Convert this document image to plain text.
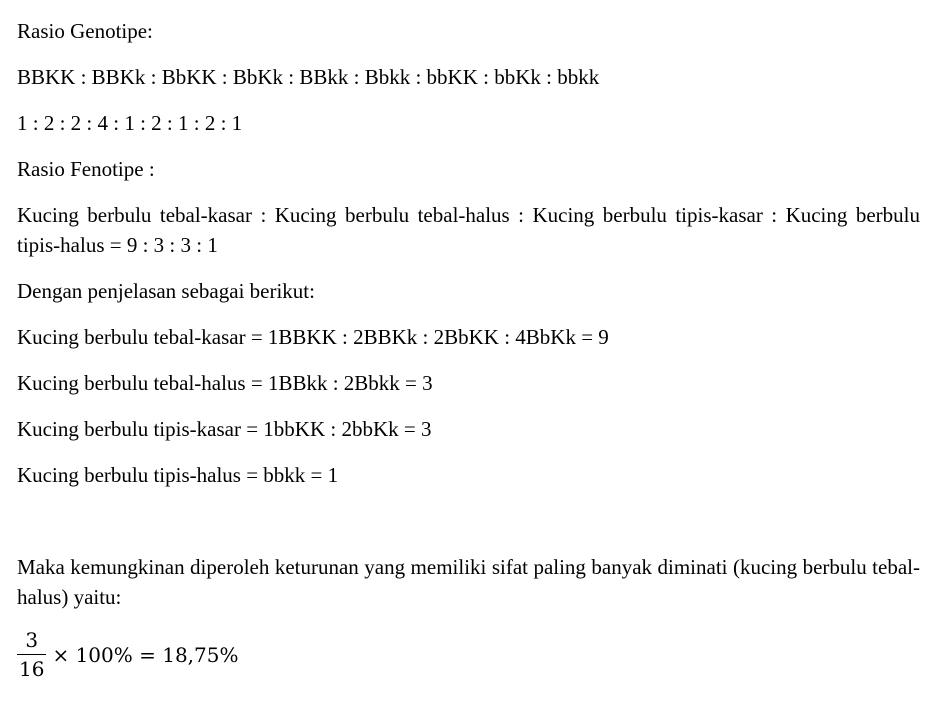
Rasio Genotipe:

BBKK : BBKk : BbKK : BbKk : BBkk : Bbkk : bbKK : bbKk : bbkk

1 : 2 : 2 : 4 : 1 : 2 : 1 : 2 : 1

Rasio Fenotipe :

Kucing berbulu tebal-kasar : Kucing berbulu tebal-halus : Kucing berbulu tipis-kasar : Kucing berbulu tipis-halus = 9 : 3 : 3 : 1

Dengan penjelasan sebagai berikut:

Kucing berbulu tebal-kasar = 1BBKK : 2BBKk : 2BbKK : 4BbKk = 9

Kucing berbulu tebal-halus = 1BBkk : 2Bbkk = 3

Kucing berbulu tipis-kasar = 1bbKK : 2bbKk = 3

Kucing berbulu tipis-halus = bbkk = 1

Maka kemungkinan diperoleh keturunan yang memiliki sifat paling banyak diminati (kucing berbulu tebal-halus) yaitu:

$\frac{3}{16} \times 100\% = 18,75\%$
